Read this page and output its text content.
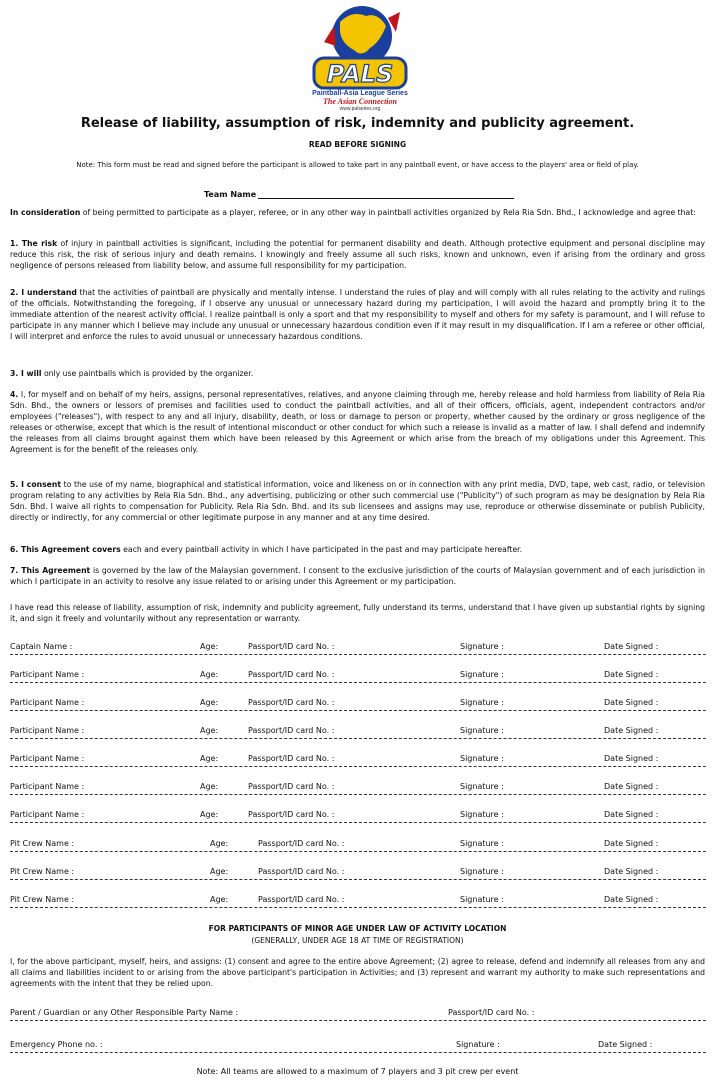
PALS
Paintball-Asia League Series
The Asian Connection
www.palseries.org
Release of liability, assumption of risk, indemnity and publicity agreement.
READ BEFORE SIGNING
Note: This form must be read and signed before the participant is allowed to take part in any paintball event, or have access to the players' area or field of play.
Team Name

In consideration of being permitted to participate as a player, referee, or in any other way in paintball activities organized by Rela Ria Sdn. Bhd., I acknowledge and agree that:

1. The risk of injury in paintball activities is significant, including the potential for permanent disability and death. Although protective equipment and personal discipline may reduce this risk, the risk of serious injury and death remains. I knowingly and freely assume all such risks, known and unknown, even if arising from the ordinary and gross negligence of persons released from liability below, and assume full responsibility for my participation.

2. I understand that the activities of paintball are physically and mentally intense. I understand the rules of play and will comply with all rules relating to the activity and rulings of the officials. Notwithstanding the foregoing, if I observe any unusual or unnecessary hazard during my participation, I will avoid the hazard and promptly bring it to the immediate attention of the nearest activity official. I realize paintball is only a sport and that my responsibility to myself and others for my safety is paramount, and I will refuse to participate in any manner which I believe may include any unusual or unnecessary hazardous condition even if it may result in my disqualification. If I am a referee or other official, I will interpret and enforce the rules to avoid unusual or unnecessary hazardous conditions.

3. I will only use paintballs which is provided by the organizer.

4. I, for myself and on behalf of my heirs, assigns, personal representatives, relatives, and anyone claiming through me, hereby release and hold harmless from liability of Rela Ria Sdn. Bhd., the owners or lessors of premises and facilities used to conduct the paintball activities, and all of their officers, officials, agent, independent contractors and/or employees ("releases"), with respect to any and all injury, disability, death, or loss or damage to person or property, whether caused by the ordinary or gross negligence of the releases or otherwise, except that which is the result of intentional misconduct or other conduct for which such a release is invalid as a matter of law. I shall defend and indemnify the releases from all claims brought against them which have been released by this Agreement or which arise from the breach of my obligations under this Agreement. This Agreement is for the benefit of the releases only.

5. I consent to the use of my name, biographical and statistical information, voice and likeness on or in connection with any print media, DVD, tape, web cast, radio, or television program relating to any activities by Rela Ria Sdn. Bhd., any advertising, publicizing or other such commercial use ("Publicity") of such program as may be designation by Rela Ria Sdn. Bhd. I waive all rights to compensation for Publicity. Rela Ria Sdn. Bhd. and its sub licensees and assigns may use, reproduce or otherwise disseminate or publish Publicity, directly or indirectly, for any commercial or other legitimate purpose in any manner and at any time desired.

6. This Agreement covers each and every paintball activity in which I have participated in the past and may participate hereafter.

7. This Agreement is governed by the law of the Malaysian government. I consent to the exclusive jurisdiction of the courts of Malaysian government and of each jurisdiction in which I participate in an activity to resolve any issue related to or arising under this Agreement or my participation.

I have read this release of liability, assumption of risk, indemnity and publicity agreement, fully understand its terms, understand that I have given up substantial rights by signing it, and sign it freely and voluntarily without any representation or warranty.

Captain Name :	Age:	Passport/ID card No. :	Signature :	Date Signed :
Participant Name :	Age:	Passport/ID card No. :	Signature :	Date Signed :
Participant Name :	Age:	Passport/ID card No. :	Signature :	Date Signed :
Participant Name :	Age:	Passport/ID card No. :	Signature :	Date Signed :
Participant Name :	Age:	Passport/ID card No. :	Signature :	Date Signed :
Participant Name :	Age:	Passport/ID card No. :	Signature :	Date Signed :
Participant Name :	Age:	Passport/ID card No. :	Signature :	Date Signed :
Pit Crew Name :	Age:	Passport/ID card No. :	Signature :	Date Signed :
Pit Crew Name :	Age:	Passport/ID card No. :	Signature :	Date Signed :
Pit Crew Name :	Age:	Passport/ID card No. :	Signature :	Date Signed :
FOR PARTICIPANTS OF MINOR AGE UNDER LAW OF ACTIVITY LOCATION
(GENERALLY, UNDER AGE 18 AT TIME OF REGISTRATION)

I, for the above participant, myself, heirs, and assigns: (1) consent and agree to the entire above Agreement; (2) agree to release, defend and indemnify all releases from any and all claims and liabilities incident to or arising from the above participant's participation in Activities; and (3) represent and warrant my authority to make such representations and agreements with the intent that they be relied upon.

Parent / Guardian or any Other Responsible Party Name :	Passport/ID card No. :
Emergency Phone no. :	Signature :	Date Signed :
Note: All teams are allowed to a maximum of 7 players and 3 pit crew per event
